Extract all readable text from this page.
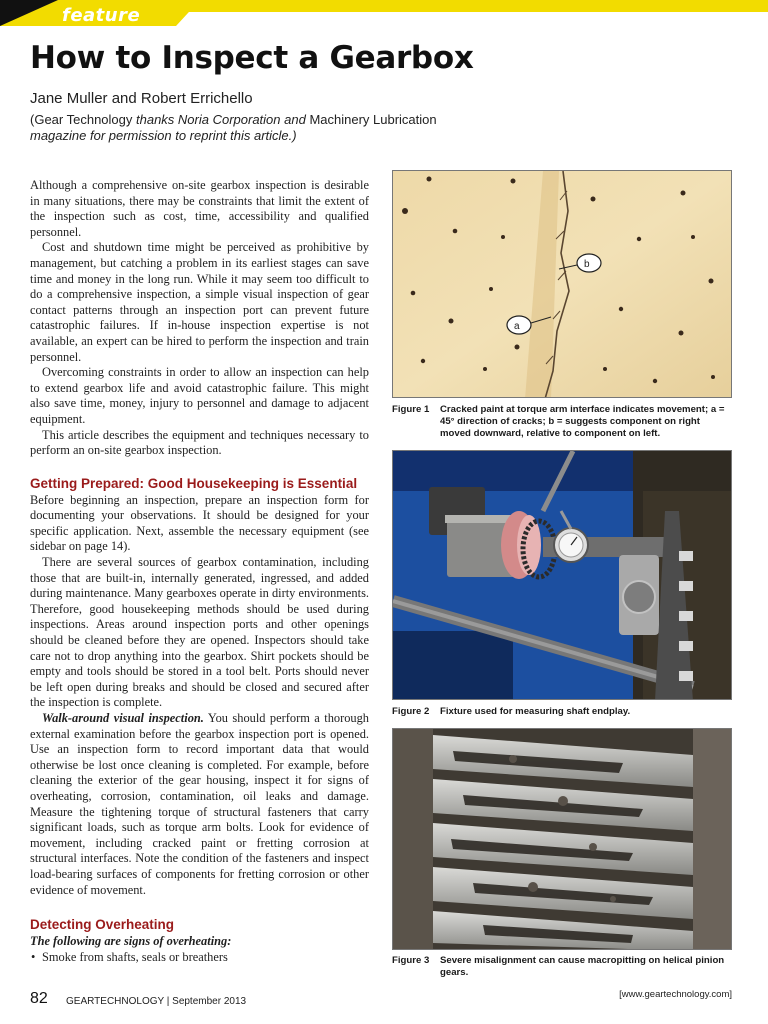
feature
How to Inspect a Gearbox
Jane Muller and Robert Errichello
(Gear Technology thanks Noria Corporation and Machinery Lubrication magazine for permission to reprint this article.)

Although a comprehensive on-site gearbox inspection is desirable in many situations, there may be constraints that limit the extent of the inspection such as cost, time, accessibility and qualified personnel.

Cost and shutdown time might be perceived as prohibitive by management, but catching a problem in its earliest stages can save time and money in the long run. While it may seem too difficult to do a comprehensive inspection, a simple visual inspection of gear contact patterns through an inspection port can prevent future catastrophic failures. If in-house inspection expertise is not available, an expert can be hired to perform the inspection and train personnel.

Overcoming constraints in order to allow an inspection can help to extend gearbox life and avoid catastrophic failure. This might also save time, money, injury to personnel and damage to adjacent equipment.

This article describes the equipment and techniques necessary to perform an on-site gearbox inspection.

Getting Prepared: Good Housekeeping is Essential

Before beginning an inspection, prepare an inspection form for documenting your observations. It should be designed for your specific application. Next, assemble the necessary equipment (see sidebar on page 14).

There are several sources of gearbox contamination, including those that are built-in, internally generated, ingressed, and added during maintenance. Many gearboxes operate in dirty environments. Therefore, good housekeeping methods should be used during inspections. Areas around inspection ports and other openings should be cleaned before they are opened. Inspectors should take care not to drop anything into the gearbox. Shirt pockets should be empty and tools should be stored in a tool belt. Ports should never be left open during breaks and should be closed and secured after the inspection is complete.

Walk-around visual inspection. You should perform a thorough external examination before the gearbox inspection port is opened. Use an inspection form to record important data that would otherwise be lost once cleaning is completed. For example, before cleaning the exterior of the gear housing, inspect it for signs of overheating, corrosion, contamination, oil leaks and damage. Measure the tightening torque of structural fasteners that carry significant loads, such as torque arm bolts. Look for evidence of movement, including cracked paint or fretting corrosion at structural interfaces. Note the condition of the fasteners and inspect load-bearing surfaces of components for fretting corrosion or other evidence of movement.

Detecting Overheating

The following are signs of overheating:

• Smoke from shafts, seals or breathers
b
a
Figure 1	Cracked paint at torque arm interface indicates movement; a = 45° direction of cracks; b = suggests component on right moved downward, relative to component on left.
Figure 2	Fixture used for measuring shaft endplay.
Figure 3	Severe misalignment can cause macropitting on helical pinion gears.
82 GEARTECHNOLOGY | September 2013
[www.geartechnology.com]
